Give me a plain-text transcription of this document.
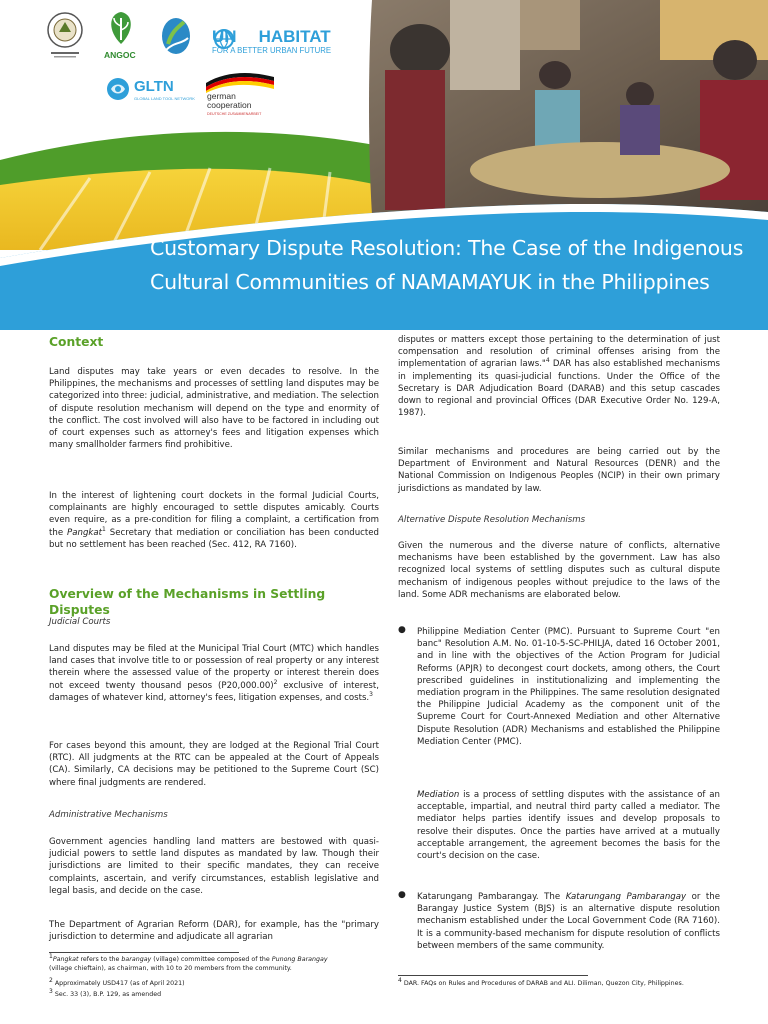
ANGOC
UN HABITAT
FOR A BETTER URBAN FUTURE
GLTN
GLOBAL LAND TOOL NETWORK german
cooperation
DEUTSCHE ZUSAMMENARBEIT
Customary Dispute Resolution: The Case of the Indigenous
Cultural Communities of NAMAMAYUK in the Philippines
Context

Land disputes may take years or even decades to resolve. In the Philippines, the mechanisms and processes of settling land disputes may be categorized into three: judicial, administrative, and mediation. The selection of dispute resolution mechanism will depend on the type and enormity of the conflict. The cost involved will also have to be factored in including out of court expenses such as attorney's fees and litigation expenses which many smallholder farmers find prohibitive.

In the interest of lightening court dockets in the formal Judicial Courts, complainants are highly encouraged to settle disputes amicably. Courts even require, as a pre-condition for filing a complaint, a certification from the Pangkat$^1$ Secretary that mediation or conciliation has been conducted but no settlement has been reached (Sec. 412, RA 7160).

Overview of the Mechanisms in Settling Disputes

Judicial Courts

Land disputes may be filed at the Municipal Trial Court (MTC) which handles land cases that involve title to or possession of real property or any interest therein where the assessed value of the property or interest therein does not exceed twenty thousand pesos $(P20,000.00)^2$ exclusive of interest, damages of whatever kind, attorney's fees, litigation expenses, and costs.$^3$

For cases beyond this amount, they are lodged at the Regional Trial Court (RTC). All judgments at the RTC can be appealed at the Court of Appeals (CA). Similarly, CA decisions may be petitioned to the Supreme Court (SC) where final judgments are rendered.

Administrative Mechanisms

Government agencies handling land matters are bestowed with quasi-judicial powers to settle land disputes as mandated by law. Though their jurisdictions are limited to their specific mandates, they can receive complaints, ascertain, and verify circumstances, establish legislative and legal basis, and decide on the case.

The Department of Agrarian Reform (DAR), for example, has the "primary jurisdiction to determine and adjudicate all agrarian

1Pangkat refers to the barangay (village) committee composed of the Punong Barangay
(village chieftain), as chairman, with 10 to 20 members from the community.
2 Approximately USD417 (as of April 2021)
3 Sec. 33 (3), B.P. 129, as amended

disputes or matters except those pertaining to the determination of just compensation and resolution of criminal offenses arising from the implementation of agrarian laws."$^4$ DAR has also established mechanisms in implementing its quasi-judicial functions. Under the Office of the Secretary is DAR Adjudication Board (DARAB) and this setup cascades down to regional and provincial Offices (DAR Executive Order No. 129-A, 1987).

Similar mechanisms and procedures are being carried out by the Department of Environment and Natural Resources (DENR) and the National Commission on Indigenous Peoples (NCIP) in their own primary jurisdictions as mandated by law.

Alternative Dispute Resolution Mechanisms

Given the numerous and the diverse nature of conflicts, alternative mechanisms have been established by the government. Law has also recognized local systems of settling disputes such as cultural dispute mechanism of indigenous peoples without prejudice to the laws of the land. Some ADR mechanisms are elaborated below.

● Philippine Mediation Center (PMC). Pursuant to Supreme Court "en banc" Resolution A.M. No. 01-10-5-SC-PHILJA, dated 16 October 2001, and in line with the objectives of the Action Program for Judicial Reforms (APJR) to decongest court dockets, among others, the Court prescribed guidelines in institutionalizing and implementing the mediation program in the Philippines. The same resolution designated the Philippine Judicial Academy as the component unit of the Supreme Court for Court-Annexed Mediation and other Alternative Dispute Resolution (ADR) Mechanisms and established the Philippine Mediation Center (PMC).

Mediation is a process of settling disputes with the assistance of an acceptable, impartial, and neutral third party called a mediator. The mediator helps parties identify issues and develop proposals to resolve their disputes. Once the parties have arrived at a mutually acceptable arrangement, the agreement becomes the basis for the court's decision on the case.

● Katarungang Pambarangay. The Katarungang Pambarangay or the Barangay Justice System (BJS) is an alternative dispute resolution mechanism established under the Local Government Code (RA 7160). It is a community-based mechanism for dispute resolution of conflicts between members of the same community.

4 DAR. FAQs on Rules and Procedures of DARAB and ALI. Diliman, Quezon City, Philippines.
